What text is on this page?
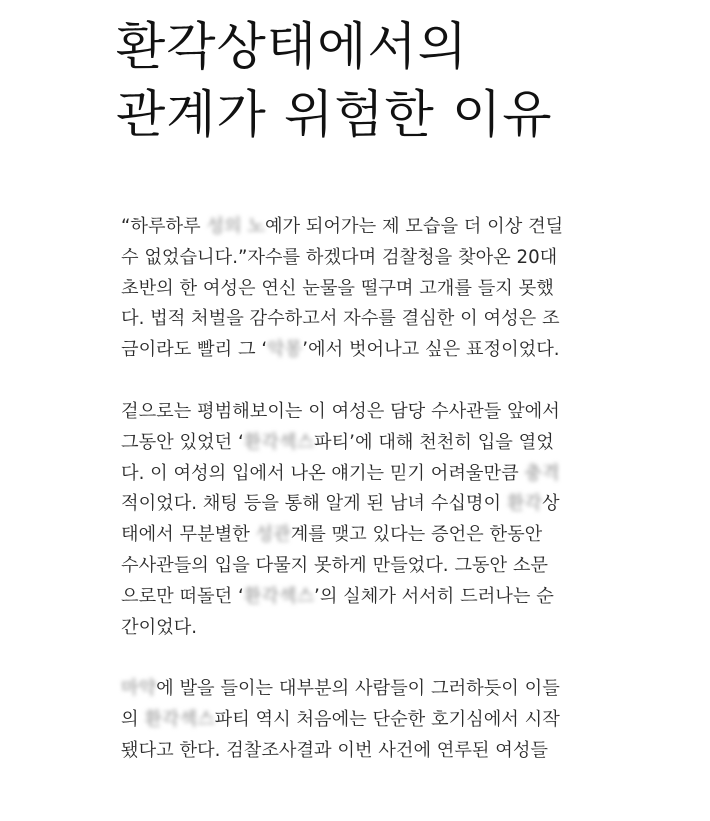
환각상태에서의
관계가 위험한 이유

“하루하루 성의 노예가 되어가는 제 모습을 더 이상 견딜
수 없었습니다.”자수를 하겠다며 검찰청을 찾아온 20대
초반의 한 여성은 연신 눈물을 떨구며 고개를 들지 못했
다. 법적 처벌을 감수하고서 자수를 결심한 이 여성은 조
금이라도 빨리 그 ‘악몽’에서 벗어나고 싶은 표정이었다.

겉으로는 평범해보이는 이 여성은 담당 수사관들 앞에서
그동안 있었던 ‘환각섹스파티’에 대해 천천히 입을 열었
다. 이 여성의 입에서 나온 얘기는 믿기 어려울만큼 충격
적이었다. 채팅 등을 통해 알게 된 남녀 수십명이 환각상
태에서 무분별한 성관계를 맺고 있다는 증언은 한동안
수사관들의 입을 다물지 못하게 만들었다. 그동안 소문
으로만 떠돌던 ‘환각섹스’의 실체가 서서히 드러나는 순
간이었다.

마약에 발을 들이는 대부분의 사람들이 그러하듯이 이들
의 환각섹스파티 역시 처음에는 단순한 호기심에서 시작
됐다고 한다. 검찰조사결과 이번 사건에 연루된 여성들
